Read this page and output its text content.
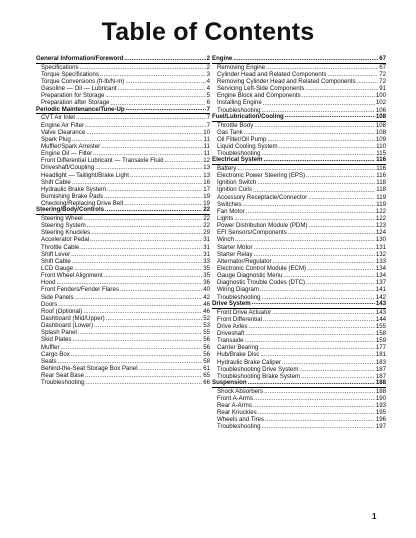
Table of Contents
General Information/Foreword .....	2
Specifications .....	2
Torque Specifications .....	3
Torque Conversions (ft-lb/N-m) .....	4
Gasoline — Oil — Lubricant .....	4
Preparation for Storage .....	5
Preparation after Storage .....	6
Periodic Maintenance/Tune-Up .....	7
CVT Air Inlet .....	7
Engine Air Filter .....	7
Valve Clearance .....	10
Spark Plug .....	11
Muffler/Spark Arrester .....	11
Engine Oil — Filter .....	11
Front Differential Lubricant — Transaxle Fluid .....	12
Driveshaft/Coupling .....	13
Headlight — Taillight/Brake Light .....	13
Shift Cable .....	16
Hydraulic Brake System .....	17
Burnishing Brake Pads .....	19
Checking/Replacing Drive Belt .....	19
Steering/Body/Controls .....	22
Steering Wheel .....	22
Steering System .....	22
Steering Knuckles .....	29
Accelerator Pedal .....	31
Throttle Cable .....	31
Shift Lever .....	31
Shift Cable .....	33
LCD Gauge .....	35
Front Wheel Alignment .....	35
Hood .....	36
Front Fenders/Fender Flares .....	40
Side Panels .....	42
Doors .....	46
Roof (Optional) .....	46
Dashboard (Mid/Upper) .....	52
Dashboard (Lower) .....	53
Splash Panel .....	55
Skid Plates .....	56
Muffler .....	56
Cargo Box .....	56
Seats .....	58
Behind-the-Seat Storage Box Panel .....	61
Rear Seat Base .....	65
Troubleshooting .....	66
Engine .....	67
Removing Engine .....	67
Cylinder Head and Related Components .....	72
Removing Cylinder Head and Related Components .....	72
Servicing Left-Side Components .....	91
Engine Block and Components .....	100
Installing Engine .....	102
Troubleshooting .....	106
Fuel/Lubrication/Cooling .....	108
Throttle Body .....	108
Gas Tank .....	108
Oil Filter/Oil Pump .....	109
Liquid Cooling System .....	110
Troubleshooting .....	115
Electrical System .....	116
Battery .....	116
Electronic Power Steering (EPS) .....	116
Ignition Switch .....	118
Ignition Coils .....	118
Accessory Receptacle/Connector .....	119
Switches .....	119
Fan Motor .....	122
Lights .....	122
Power Distribution Module (PDM) .....	123
EFI Sensors/Components .....	124
Winch .....	130
Starter Motor .....	131
Starter Relay .....	132
Alternator/Regulator .....	133
Electronic Control Module (ECM) .....	134
Gauge Diagnostic Menu .....	134
Diagnostic Trouble Codes (DTC) .....	137
Wiring Diagram .....	141
Troubleshooting .....	142
Drive System .....	143
Front Drive Actuator .....	143
Front Differential .....	144
Drive Axles .....	155
Driveshaft .....	158
Transaxle .....	159
Carrier Bearing .....	177
Hub/Brake Disc .....	181
Hydraulic Brake Caliper .....	183
Troubleshooting Drive System .....	187
Troubleshooting Brake System .....	187
Suspension .....	188
Shock Absorbers .....	188
Front A-Arms .....	190
Rear A-Arms .....	193
Rear Knuckles .....	195
Wheels and Tires .....	196
Troubleshooting .....	197
1
